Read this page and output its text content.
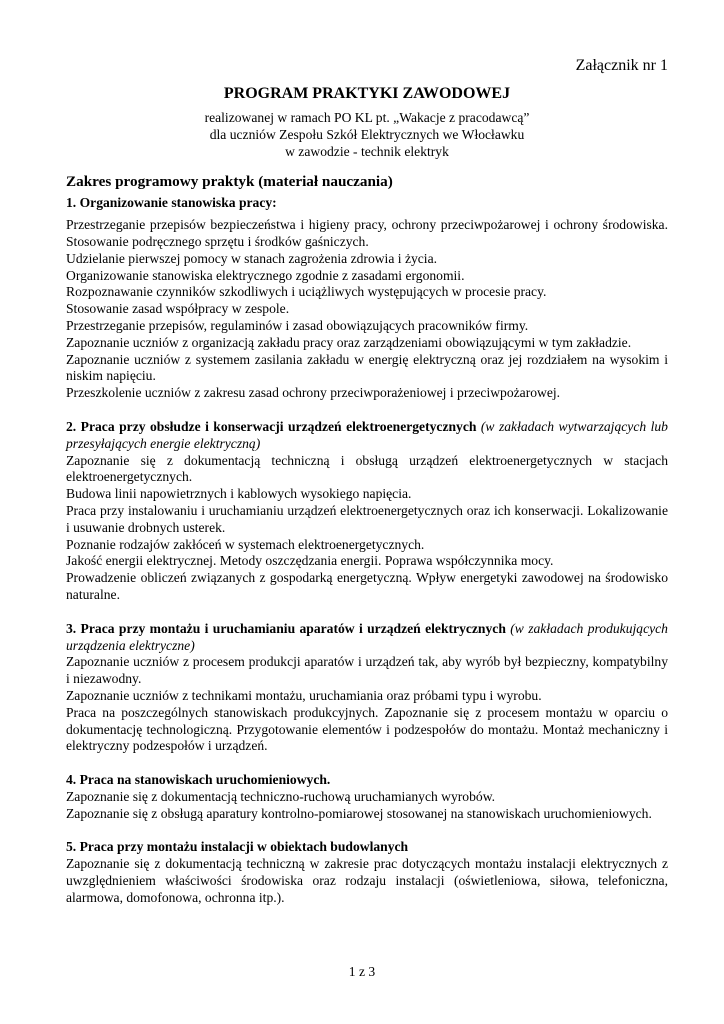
Załącznik nr 1

PROGRAM PRAKTYKI ZAWODOWEJ

realizowanej w ramach PO KL pt. „Wakacje z pracodawcą”
dla uczniów Zespołu Szkół Elektrycznych we Włocławku
w zawodzie - technik elektryk

Zakres programowy praktyk (materiał nauczania)

1. Organizowanie stanowiska pracy:

Przestrzeganie przepisów bezpieczeństwa i higieny pracy, ochrony przeciwpożarowej i ochrony środowiska. Stosowanie podręcznego sprzętu i środków gaśniczych.

Udzielanie pierwszej pomocy w stanach zagrożenia zdrowia i życia.

Organizowanie stanowiska elektrycznego zgodnie z zasadami ergonomii.

Rozpoznawanie czynników szkodliwych i uciążliwych występujących w procesie pracy.

Stosowanie zasad współpracy w zespole.

Przestrzeganie przepisów, regulaminów i zasad obowiązujących pracowników firmy.

Zapoznanie uczniów z organizacją zakładu pracy oraz zarządzeniami obowiązującymi w tym zakładzie.

Zapoznanie uczniów z systemem zasilania zakładu w energię elektryczną oraz jej rozdziałem na wysokim i niskim napięciu.

Przeszkolenie uczniów z zakresu zasad ochrony przeciwporażeniowej i przeciwpożarowej.

2. Praca przy obsłudze i konserwacji urządzeń elektroenergetycznych (w zakładach wytwarzających lub przesyłających energie elektryczną)

Zapoznanie się z dokumentacją techniczną i obsługą urządzeń elektroenergetycznych w stacjach elektroenergetycznych.

Budowa linii napowietrznych i kablowych wysokiego napięcia.

Praca przy instalowaniu i uruchamianiu urządzeń elektroenergetycznych oraz ich konserwacji. Lokalizowanie i usuwanie drobnych usterek.

Poznanie rodzajów zakłóceń w systemach elektroenergetycznych.

Jakość energii elektrycznej. Metody oszczędzania energii. Poprawa współczynnika mocy.

Prowadzenie obliczeń związanych z gospodarką energetyczną. Wpływ energetyki zawodowej na środowisko naturalne.

3. Praca przy montażu i uruchamianiu aparatów i urządzeń elektrycznych (w zakładach produkujących urządzenia elektryczne)

Zapoznanie uczniów z procesem produkcji aparatów i urządzeń tak, aby wyrób był bezpieczny, kompatybilny i niezawodny.

Zapoznanie uczniów z technikami montażu, uruchamiania oraz próbami typu i wyrobu.

Praca na poszczególnych stanowiskach produkcyjnych. Zapoznanie się z procesem montażu w oparciu o dokumentację technologiczną. Przygotowanie elementów i podzespołów do montażu. Montaż mechaniczny i elektryczny podzespołów i urządzeń.

4. Praca na stanowiskach uruchomieniowych.

Zapoznanie się z dokumentacją techniczno-ruchową uruchamianych wyrobów.

Zapoznanie się z obsługą aparatury kontrolno-pomiarowej stosowanej na stanowiskach uruchomieniowych.

5. Praca przy montażu instalacji w obiektach budowlanych

Zapoznanie się z dokumentacją techniczną w zakresie prac dotyczących montażu instalacji elektrycznych z uwzględnieniem właściwości środowiska oraz rodzaju instalacji (oświetleniowa, siłowa, telefoniczna, alarmowa, domofonowa, ochronna itp.).

1 z 3
